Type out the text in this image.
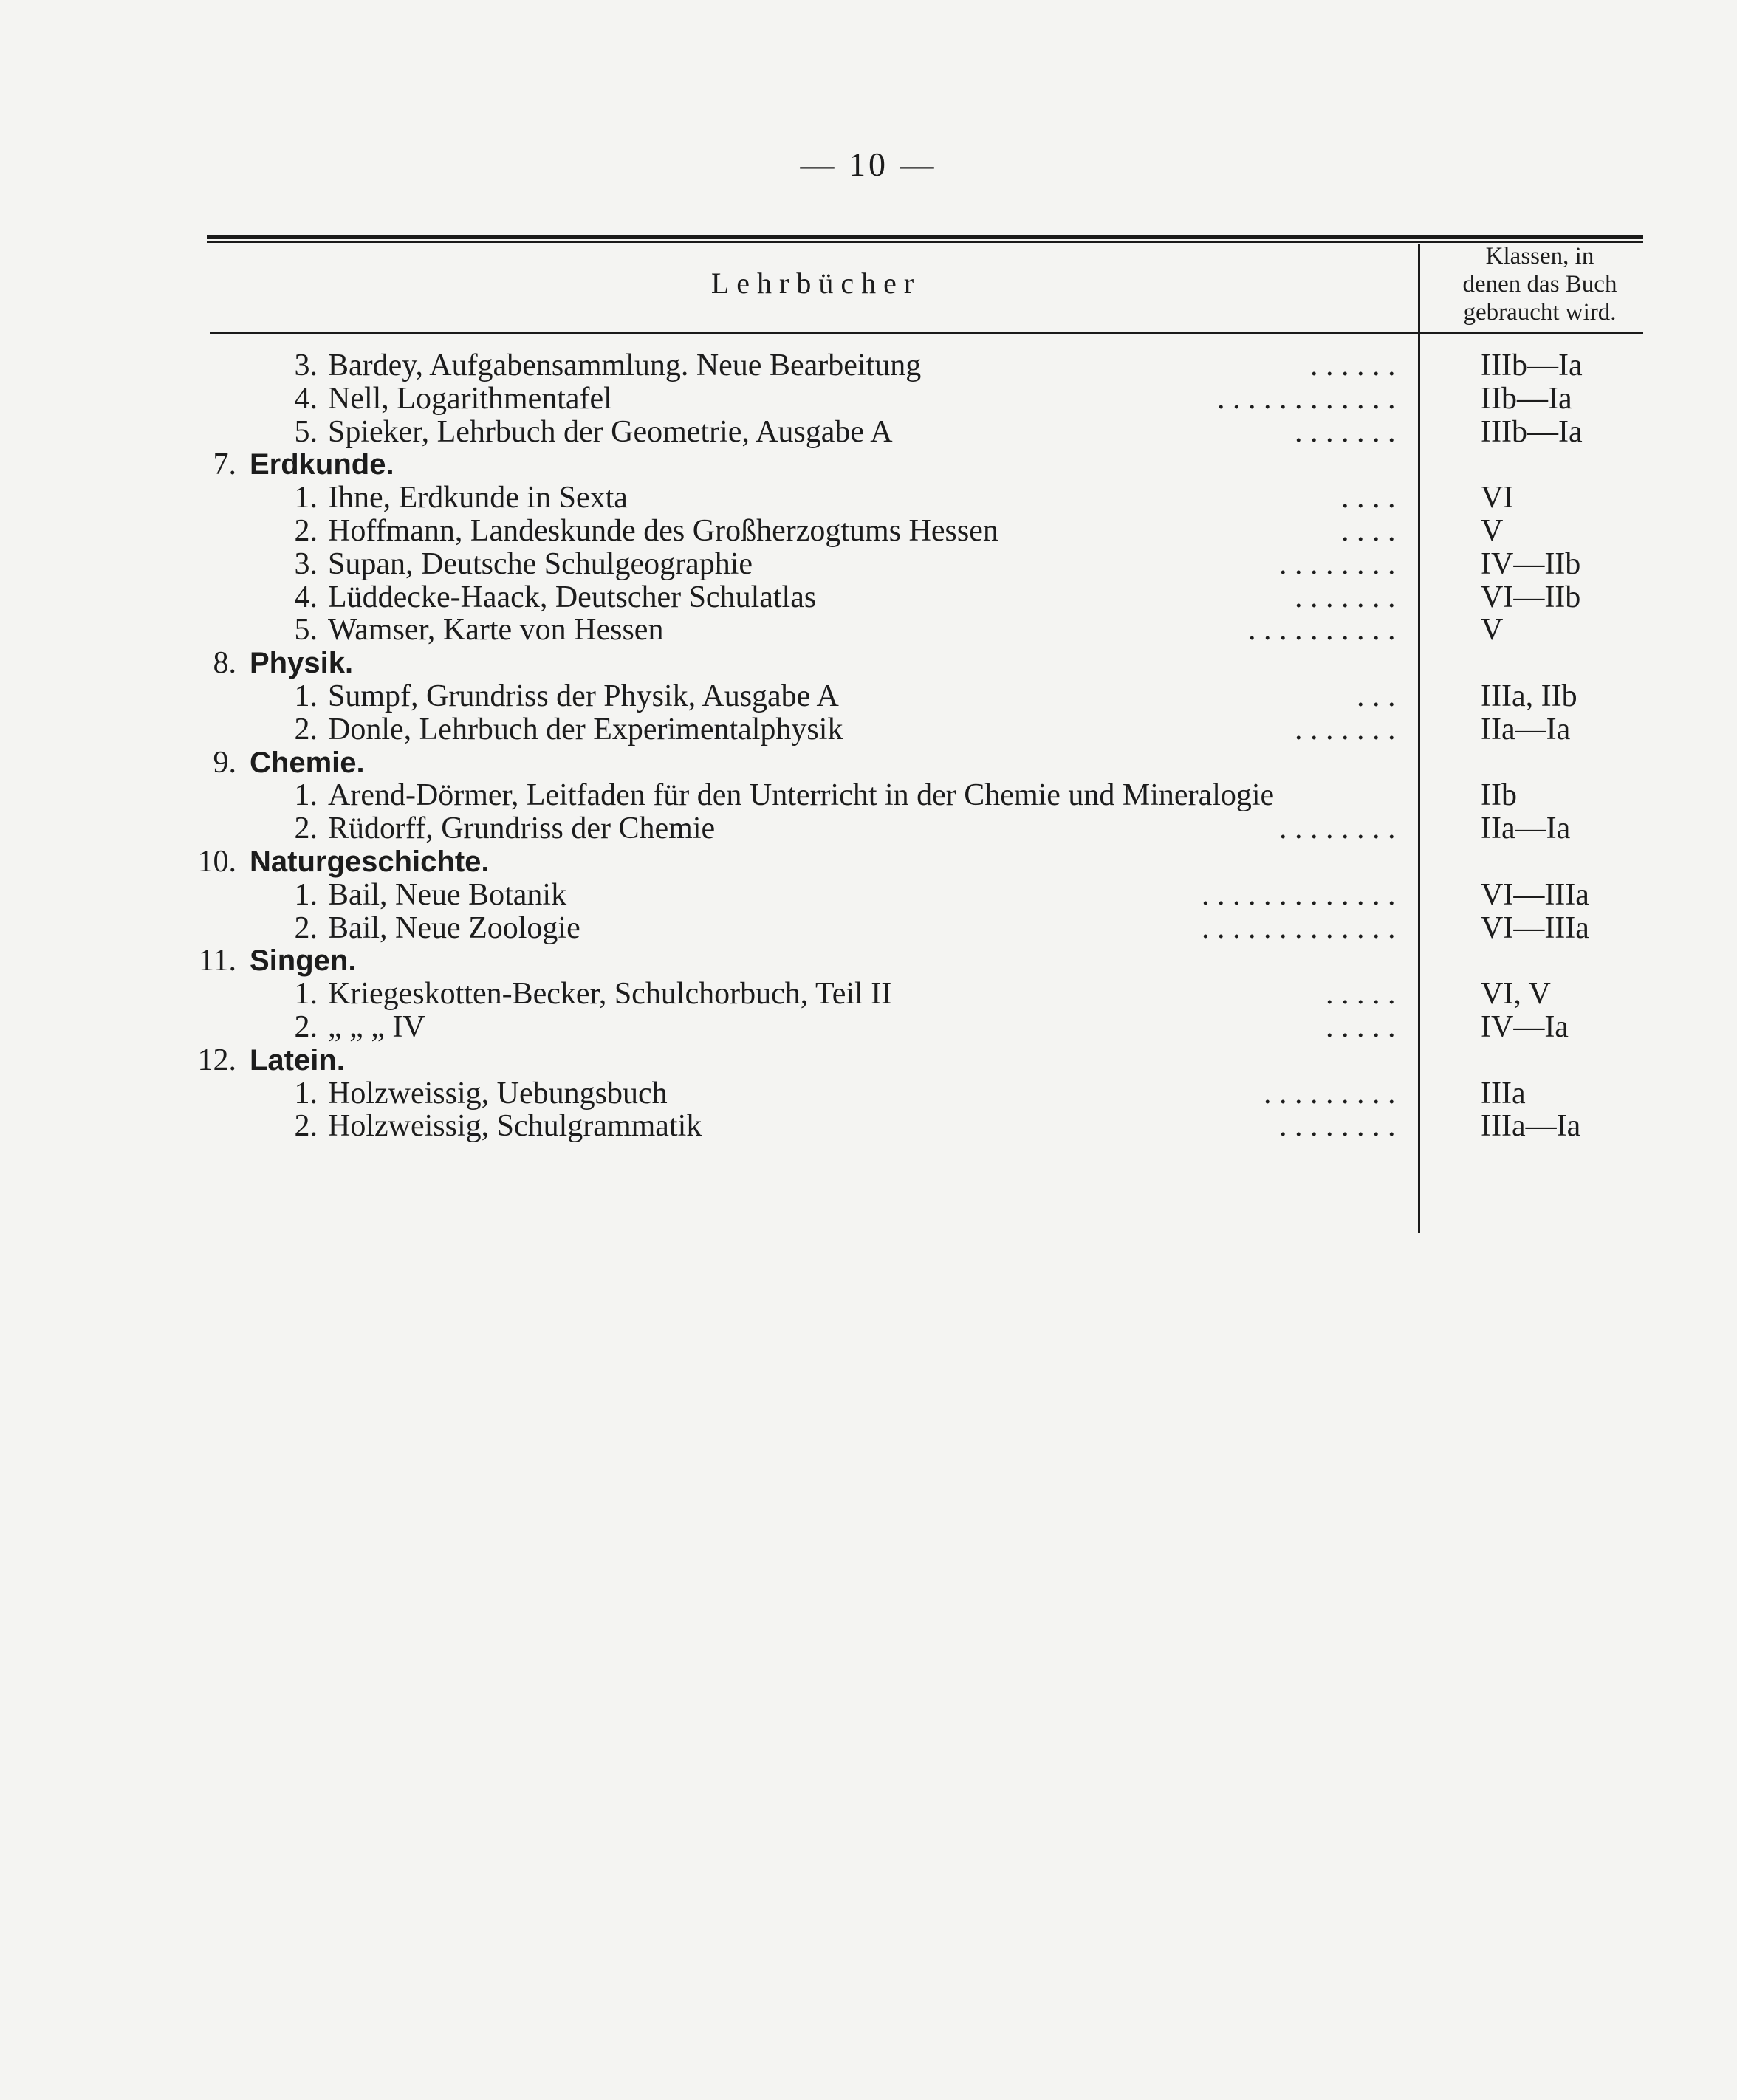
— 10 —
Lehrbücher
Klassen, in
denen das Buch
gebraucht wird.
3. Bardey, Aufgabensammlung. Neue Bearbeitung	. . . . . .	IIIb—Ia
4. Nell, Logarithmentafel	. . . . . . . . . . . .	IIb—Ia
5. Spieker, Lehrbuch der Geometrie, Ausgabe A	. . . . . . .	IIIb—Ia
7. Erdkunde.
1. Ihne, Erdkunde in Sexta	. . . .	VI
2. Hoffmann, Landeskunde des Großherzogtums Hessen	. . . .	V
3. Supan, Deutsche Schulgeographie	. . . . . . . .	IV—IIb
4. Lüddecke-Haack, Deutscher Schulatlas	. . . . . . .	VI—IIb
5. Wamser, Karte von Hessen	. . . . . . . . . .	V
8. Physik.
1. Sumpf, Grundriss der Physik, Ausgabe A	. . .	IIIa, IIb
2. Donle, Lehrbuch der Experimentalphysik	. . . . . . .	IIa—Ia
9. Chemie.
1. Arend-Dörmer, Leitfaden für den Unterricht in der Chemie und Mineralogie	IIb
2. Rüdorff, Grundriss der Chemie	. . . . . . . .	IIa—Ia
10. Naturgeschichte.
1. Bail, Neue Botanik	. . . . . . . . . . . . .	VI—IIIa
2. Bail, Neue Zoologie	. . . . . . . . . . . . .	VI—IIIa
11. Singen.
1. Kriegeskotten-Becker, Schulchorbuch, Teil II	. . . . .	VI, V
2. „ „ „ IV	. . . . .	IV—Ia
12. Latein.
1. Holzweissig, Uebungsbuch	. . . . . . . . .	IIIa
2. Holzweissig, Schulgrammatik	. . . . . . . .	IIIa—Ia
